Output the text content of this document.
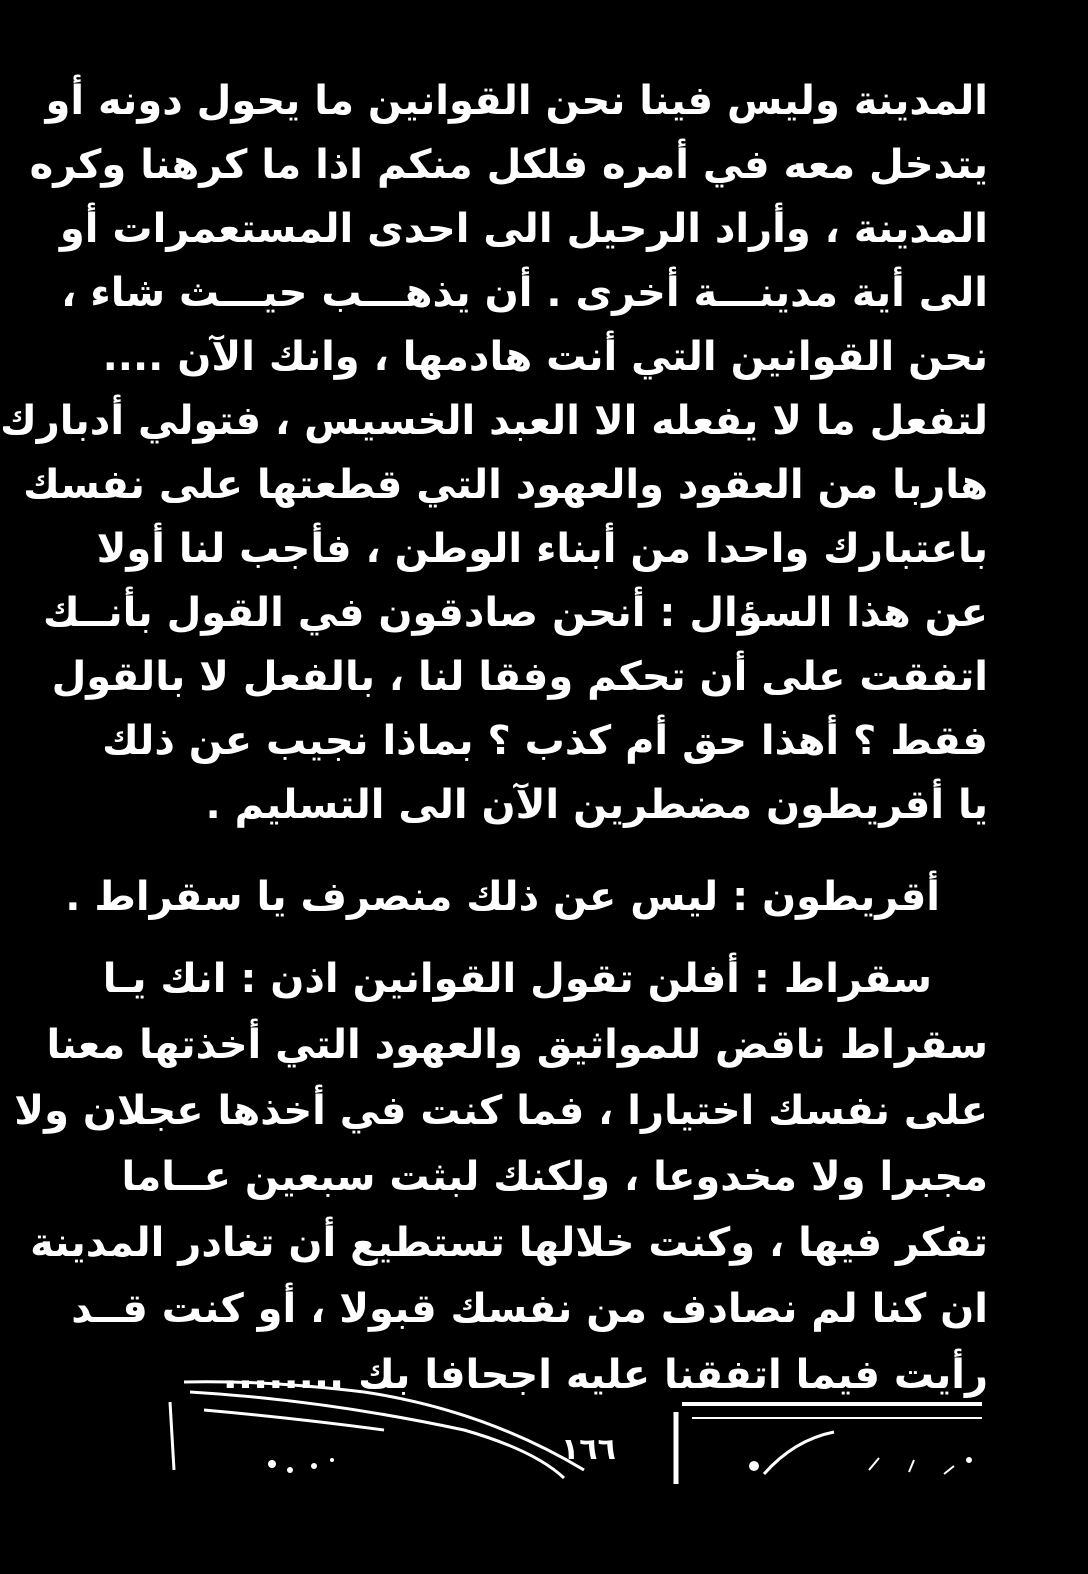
المدينة وليس فينا نحن القوانين ما يحول دونه أو
يتدخل معه في أمره فلكل منكم اذا ما كرهنا وكره
المدينة ، وأراد الرحيل الى احدى المستعمرات أو
الى أية مدينـــة أخرى . أن يذهـــب حيـــث شاء ،
نحن القوانين التي أنت هادمها ، وانك الآن ....
لتفعل ما لا يفعله الا العبد الخسيس ، فتولي أدبارك
هاربا من العقود والعهود التي قطعتها على نفسك
باعتبارك واحدا من أبناء الوطن ، فأجب لنا أولا
عن هذا السؤال : أنحن صادقون في القول بأنــك
اتفقت على أن تحكم وفقا لنا ، بالفعل لا بالقول
فقط ؟ أهذا حق أم كذب ؟ بماذا نجيب عن ذلك
يا أقريطون مضطرين الآن الى التسليم .
أقريطون : ليس عن ذلك منصرف يا سقراط .
سقراط : أفلن تقول القوانين اذن : انك يـا
سقراط ناقض للمواثيق والعهود التي أخذتها معنا
على نفسك اختيارا ، فما كنت في أخذها عجلان ولا
مجبرا ولا مخدوعا ، ولكنك لبثت سبعين عــاما
تفكر فيها ، وكنت خلالها تستطيع أن تغادر المدينة
ان كنا لم نصادف من نفسك قبولا ، أو كنت قــد
رأيت فيما اتفقنا عليه اجحافا بك ........
١٦٦
